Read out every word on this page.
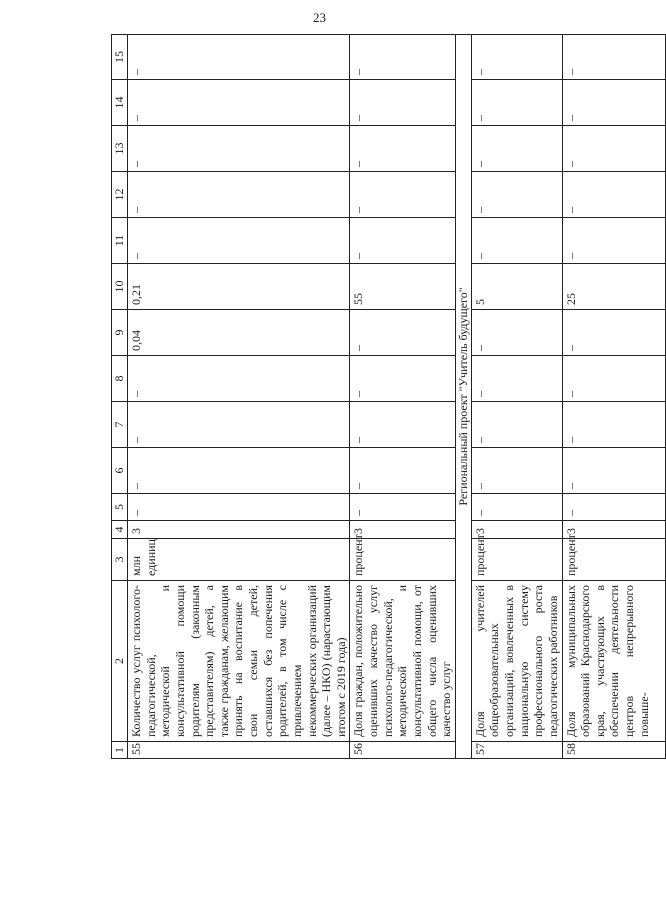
23
1	2	3	4	5	6	7	8	9	10	11	12	13	14	15
55	Количество услуг психолого-педагогической, методической и консультативной помощи родителям (законным представителям) детей, а также гражданам, желающим принять на воспитание в свои семьи детей, оставшихся без попечения родителей, в том числе с привлечением некоммерческих организаций (далее – НКО) (нарастающим итогом с 2019 года)	млн единиц	3	–	–	–	–	0,04	0,21	–	–	–	–	–
56	Доля граждан, положительно оценивших качество услуг психолого-педагогической, методической и консультативной помощи, от общего числа оценивших качество услуг	процент	3	–	–	–	–	–	55	–	–	–	–	–
Региональный проект "Учитель будущего"														
57	Доля учителей общеобразовательных организаций, вовлеченных в национальную систему профессионального роста педагогических работников	процент	3	–	–	–	–	–	5	–	–	–	–	–
58	Доля муниципальных образований Краснодарского края, участвующих в обеспечении деятельности центров непрерывного повыше-	процент	3	–	–	–	–	–	25	–	–	–	–	–
